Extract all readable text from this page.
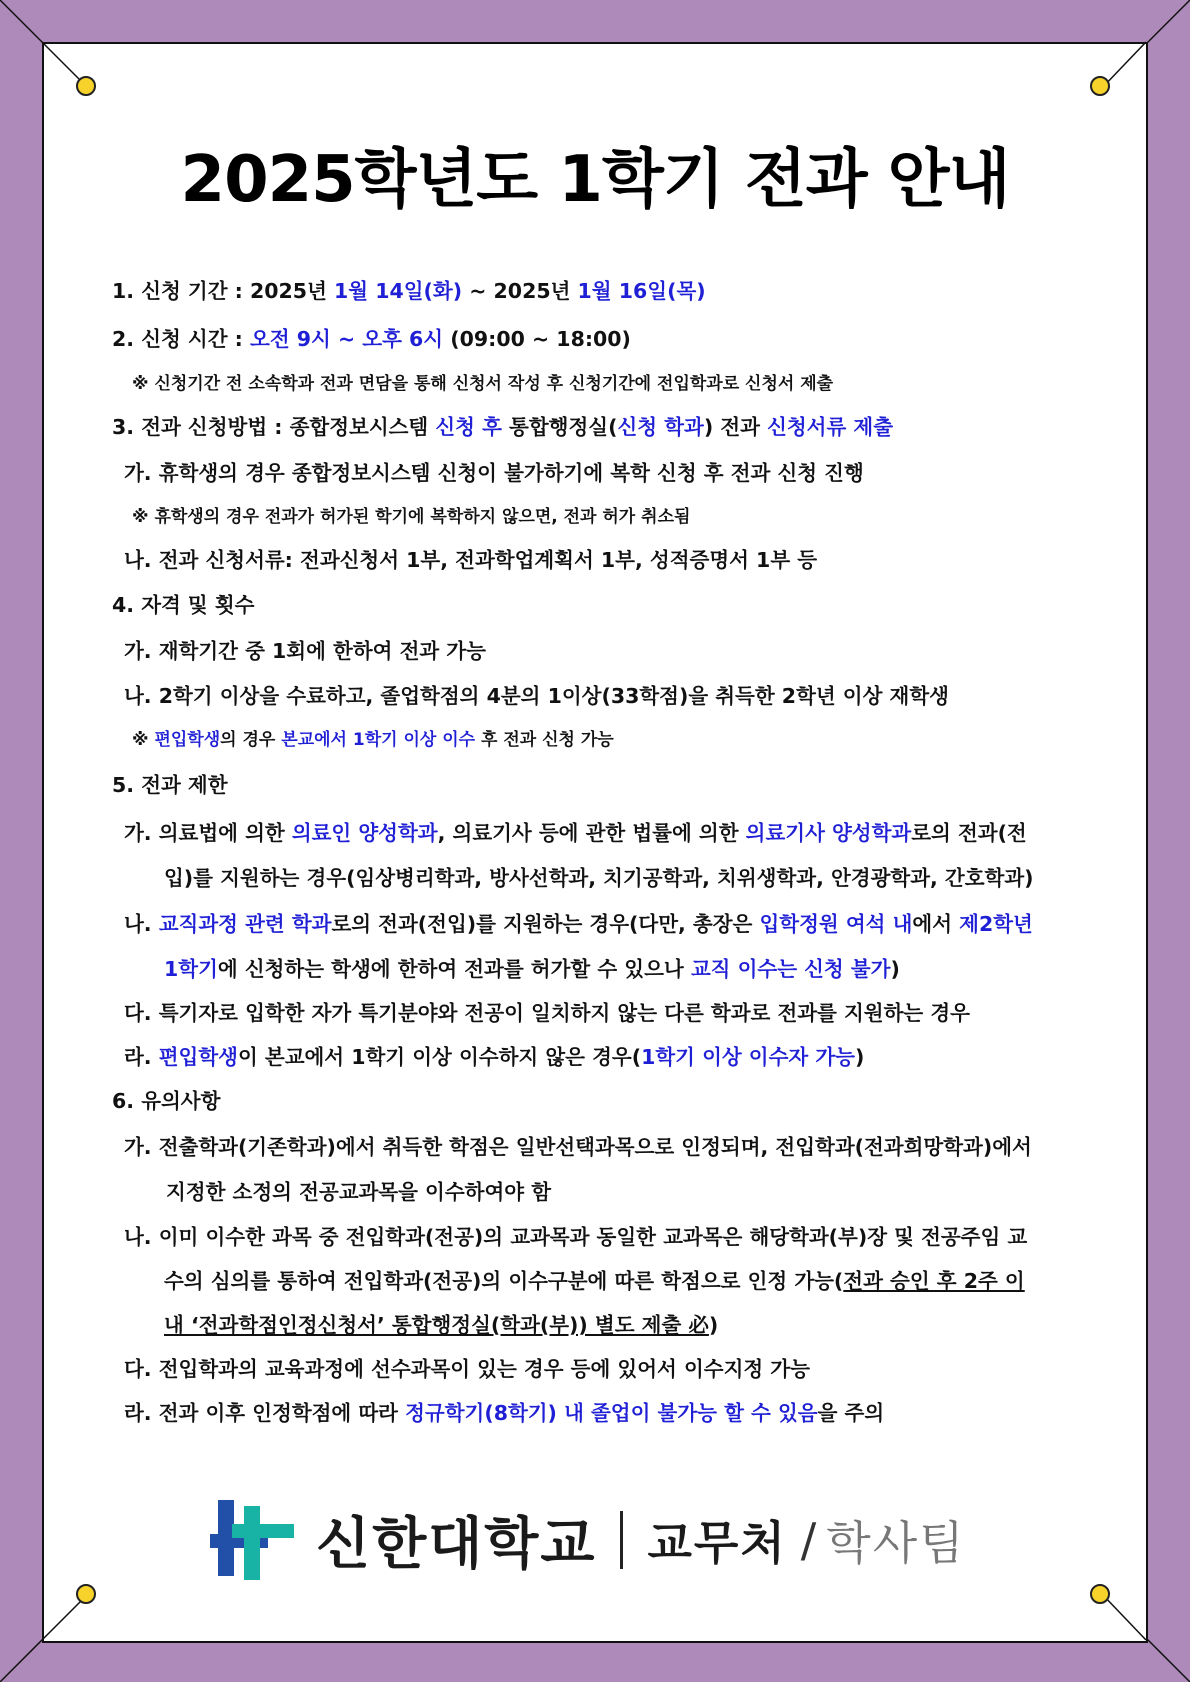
2025학년도 1학기 전과 안내
1. 신청 기간 : 2025년 1월 14일(화) ~ 2025년 1월 16일(목)
2. 신청 시간 : 오전 9시 ~ 오후 6시 (09:00 ~ 18:00)
※ 신청기간 전 소속학과 전과 면담을 통해 신청서 작성 후 신청기간에 전입학과로 신청서 제출
3. 전과 신청방법 : 종합정보시스템 신청 후 통합행정실(신청 학과) 전과 신청서류 제출
가. 휴학생의 경우 종합정보시스템 신청이 불가하기에 복학 신청 후 전과 신청 진행
※ 휴학생의 경우 전과가 허가된 학기에 복학하지 않으면, 전과 허가 취소됨
나. 전과 신청서류: 전과신청서 1부, 전과학업계획서 1부, 성적증명서 1부 등
4. 자격 및 횟수
가. 재학기간 중 1회에 한하여 전과 가능
나. 2학기 이상을 수료하고, 졸업학점의 4분의 1이상(33학점)을 취득한 2학년 이상 재학생
※ 편입학생의 경우 본교에서 1학기 이상 이수 후 전과 신청 가능
5. 전과 제한
가. 의료법에 의한 의료인 양성학과, 의료기사 등에 관한 법률에 의한 의료기사 양성학과로의 전과(전
입)를 지원하는 경우(임상병리학과, 방사선학과, 치기공학과, 치위생학과, 안경광학과, 간호학과)
나. 교직과정 관련 학과로의 전과(전입)를 지원하는 경우(다만, 총장은 입학정원 여석 내에서 제2학년
1학기에 신청하는 학생에 한하여 전과를 허가할 수 있으나 교직 이수는 신청 불가)
다. 특기자로 입학한 자가 특기분야와 전공이 일치하지 않는 다른 학과로 전과를 지원하는 경우
라. 편입학생이 본교에서 1학기 이상 이수하지 않은 경우(1학기 이상 이수자 가능)
6. 유의사항
가. 전출학과(기존학과)에서 취득한 학점은 일반선택과목으로 인정되며, 전입학과(전과희망학과)에서
지정한 소정의 전공교과목을 이수하여야 함
나. 이미 이수한 과목 중 전입학과(전공)의 교과목과 동일한 교과목은 해당학과(부)장 및 전공주임 교
수의 심의를 통하여 전입학과(전공)의 이수구분에 따른 학점으로 인정 가능(전과 승인 후 2주 이
내 ‘전과학점인정신청서’ 통합행정실(학과(부)) 별도 제출 必)
다. 전입학과의 교육과정에 선수과목이 있는 경우 등에 있어서 이수지정 가능
라. 전과 이후 인정학점에 따라 정규학기(8학기) 내 졸업이 불가능 할 수 있음을 주의
신한대학교 교무처 / 학사팀
